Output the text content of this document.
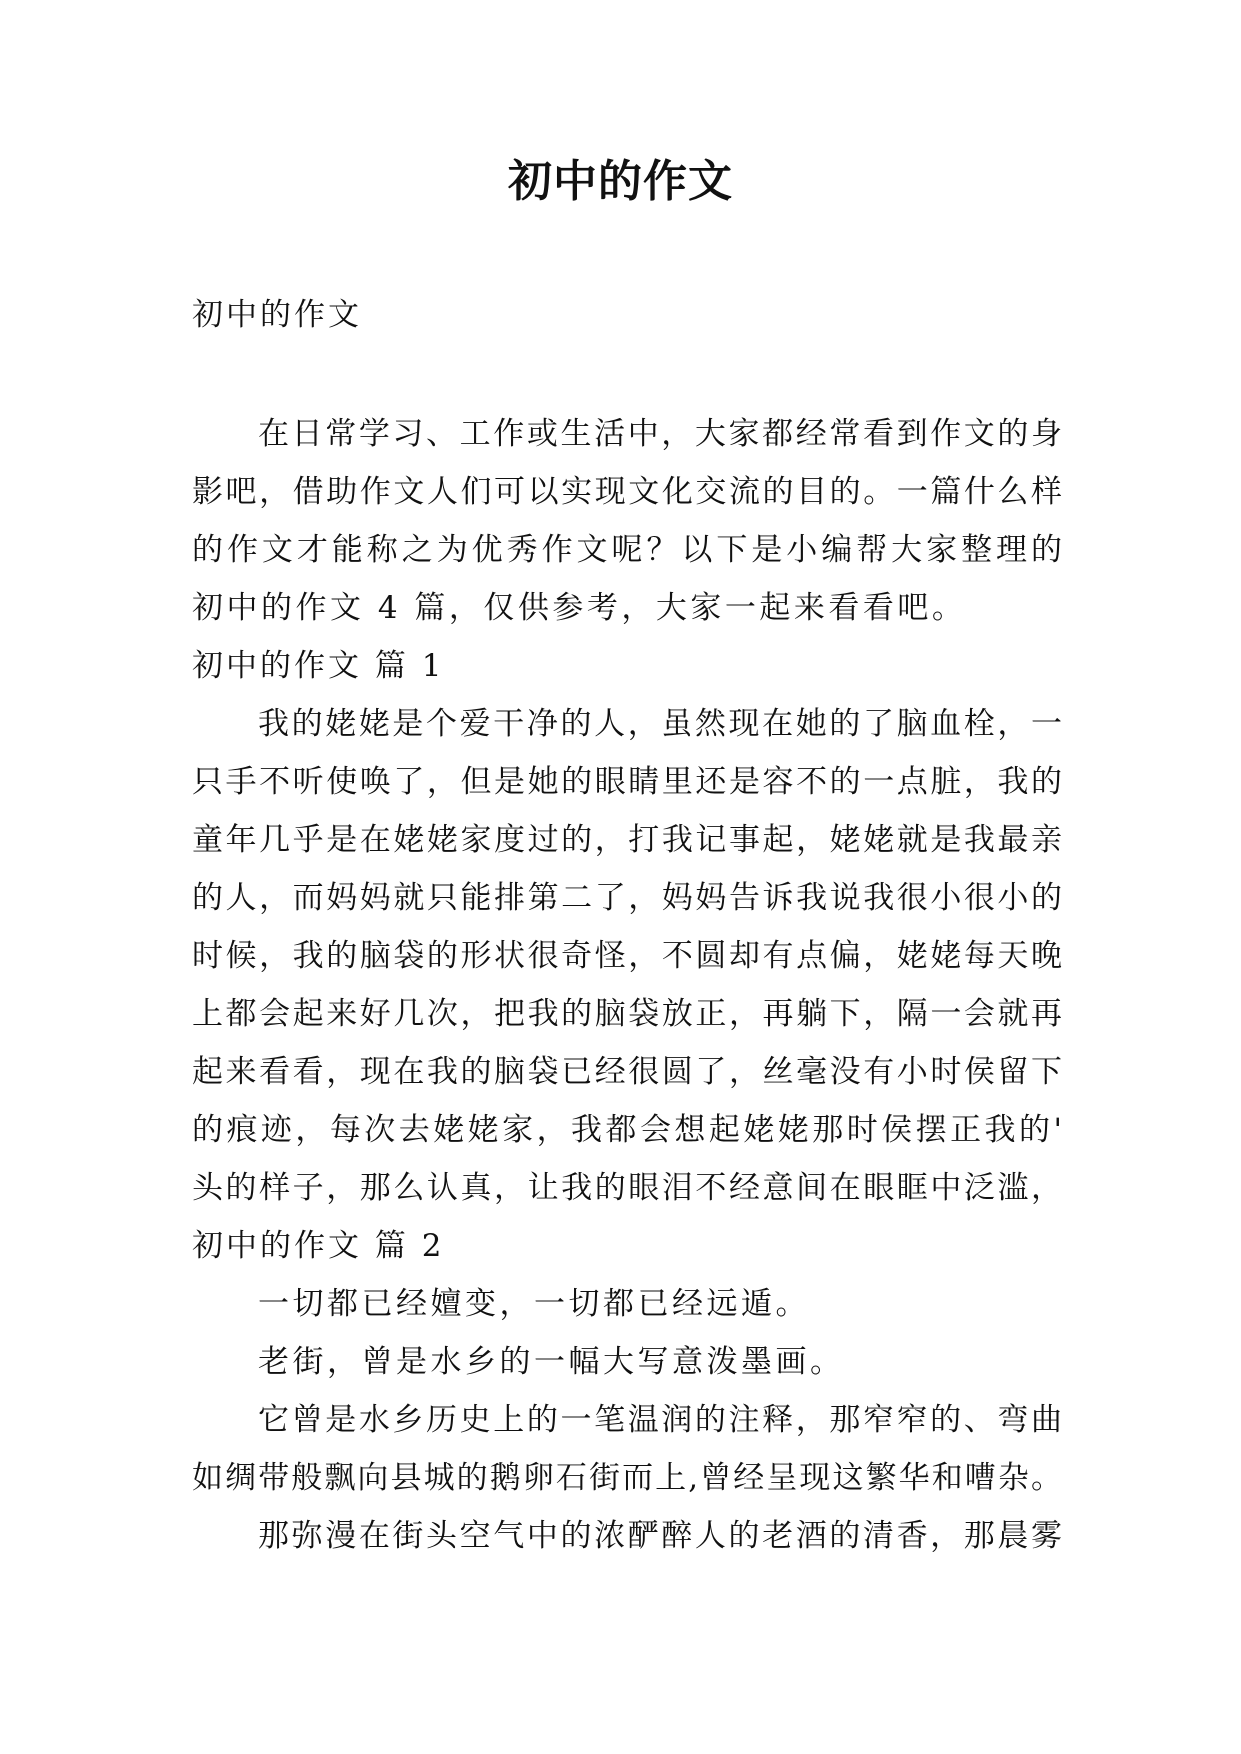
初中的作文
初中的作文
在日常学习、工作或生活中，大家都经常看到作文的身
影吧，借助作文人们可以实现文化交流的目的。一篇什么样
的作文才能称之为优秀作文呢？以下是小编帮大家整理的
初中的作文 4 篇，仅供参考，大家一起来看看吧。
初中的作文 篇 1
我的姥姥是个爱干净的人，虽然现在她的了脑血栓，一
只手不听使唤了，但是她的眼睛里还是容不的一点脏，我的
童年几乎是在姥姥家度过的，打我记事起，姥姥就是我最亲
的人，而妈妈就只能排第二了，妈妈告诉我说我很小很小的
时候，我的脑袋的形状很奇怪，不圆却有点偏，姥姥每天晚
上都会起来好几次，把我的脑袋放正，再躺下，隔一会就再
起来看看，现在我的脑袋已经很圆了，丝毫没有小时侯留下
的痕迹，每次去姥姥家，我都会想起姥姥那时侯摆正我的'
头的样子，那么认真，让我的眼泪不经意间在眼眶中泛滥，
初中的作文 篇 2
一切都已经嬗变，一切都已经远遁。
老街，曾是水乡的一幅大写意泼墨画。
它曾是水乡历史上的一笔温润的注释，那窄窄的、弯曲
如绸带般飘向县城的鹅卵石街而上,曾经呈现这繁华和嘈杂。
那弥漫在街头空气中的浓酽醉人的老酒的清香，那晨雾
